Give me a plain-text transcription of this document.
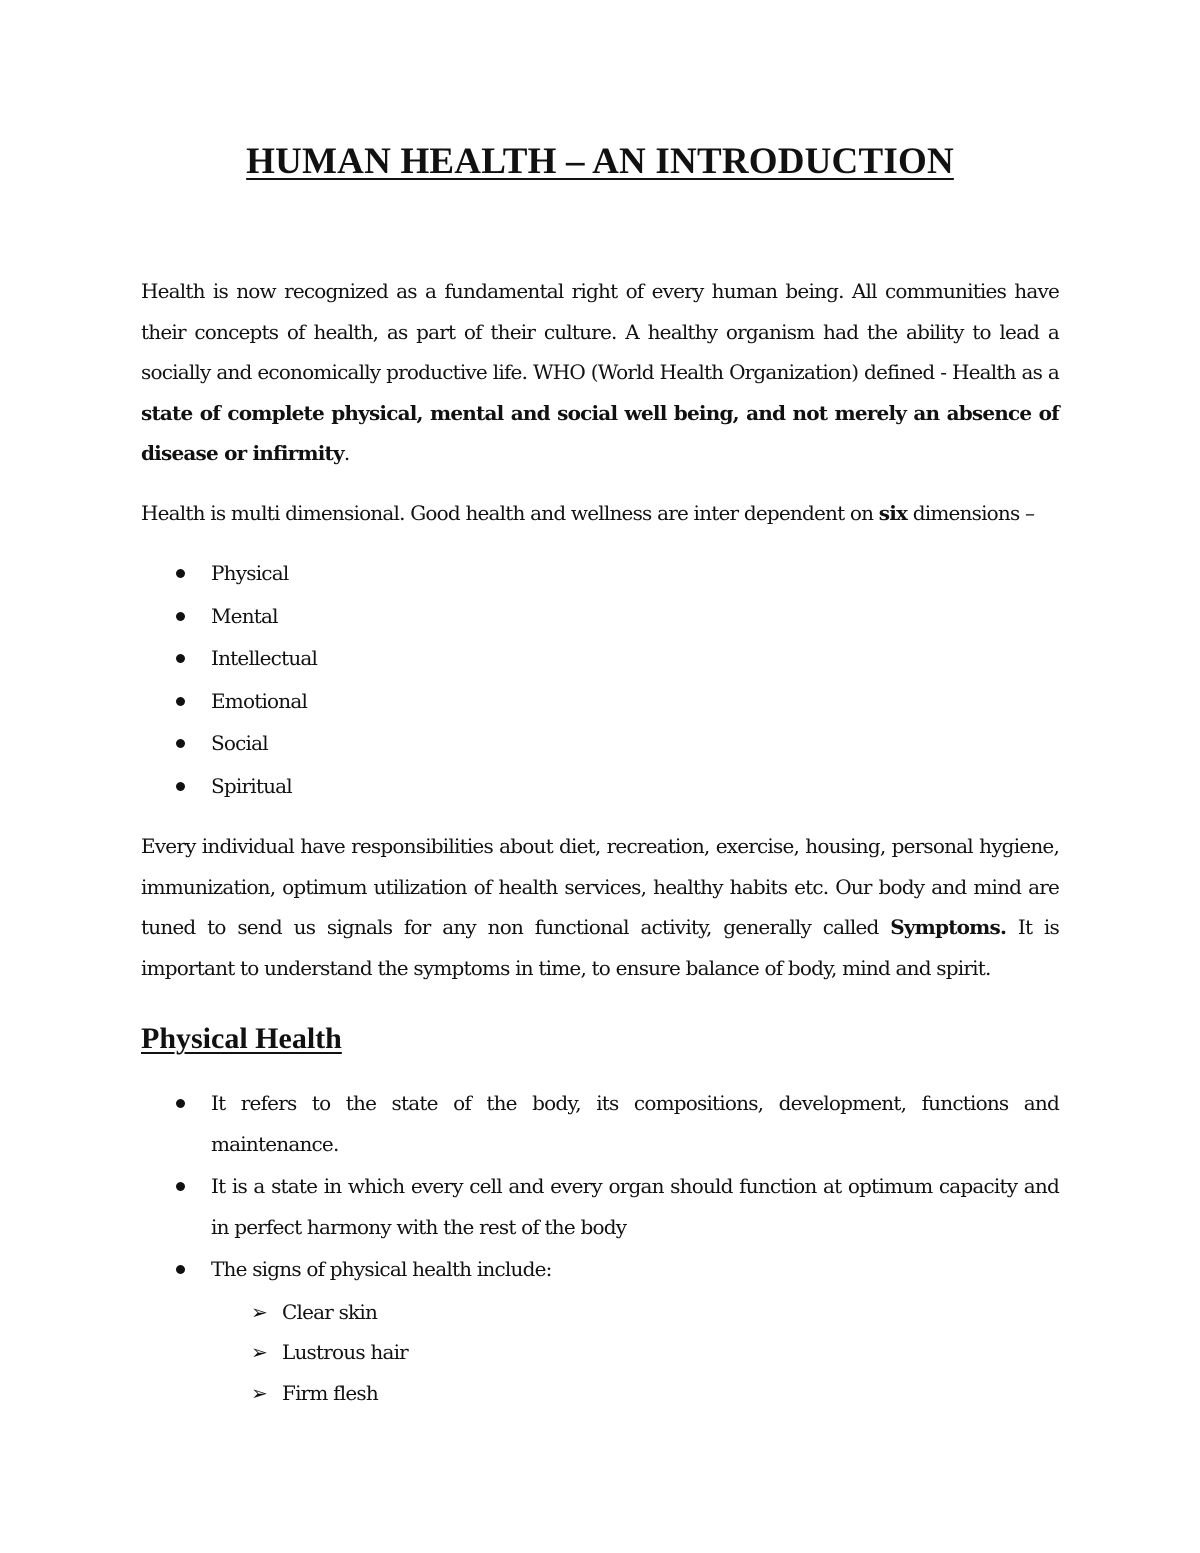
HUMAN HEALTH – AN INTRODUCTION

Health is now recognized as a fundamental right of every human being. All communities have their concepts of health, as part of their culture. A healthy organism had the ability to lead a socially and economically productive life. WHO (World Health Organization) defined - Health as a state of complete physical, mental and social well being, and not merely an absence of disease or infirmity.

Health is multi dimensional. Good health and wellness are inter dependent on six dimensions –

Physical
Mental
Intellectual
Emotional
Social
Spiritual

Every individual have responsibilities about diet, recreation, exercise, housing, personal hygiene, immunization, optimum utilization of health services, healthy habits etc. Our body and mind are tuned to send us signals for any non functional activity, generally called Symptoms. It is important to understand the symptoms in time, to ensure balance of body, mind and spirit.

Physical Health
It refers to the state of the body, its compositions, development, functions and maintenance.
It is a state in which every cell and every organ should function at optimum capacity and in perfect harmony with the rest of the body
The signs of physical health include:
➢ Clear skin
➢ Lustrous hair
➢ Firm flesh
